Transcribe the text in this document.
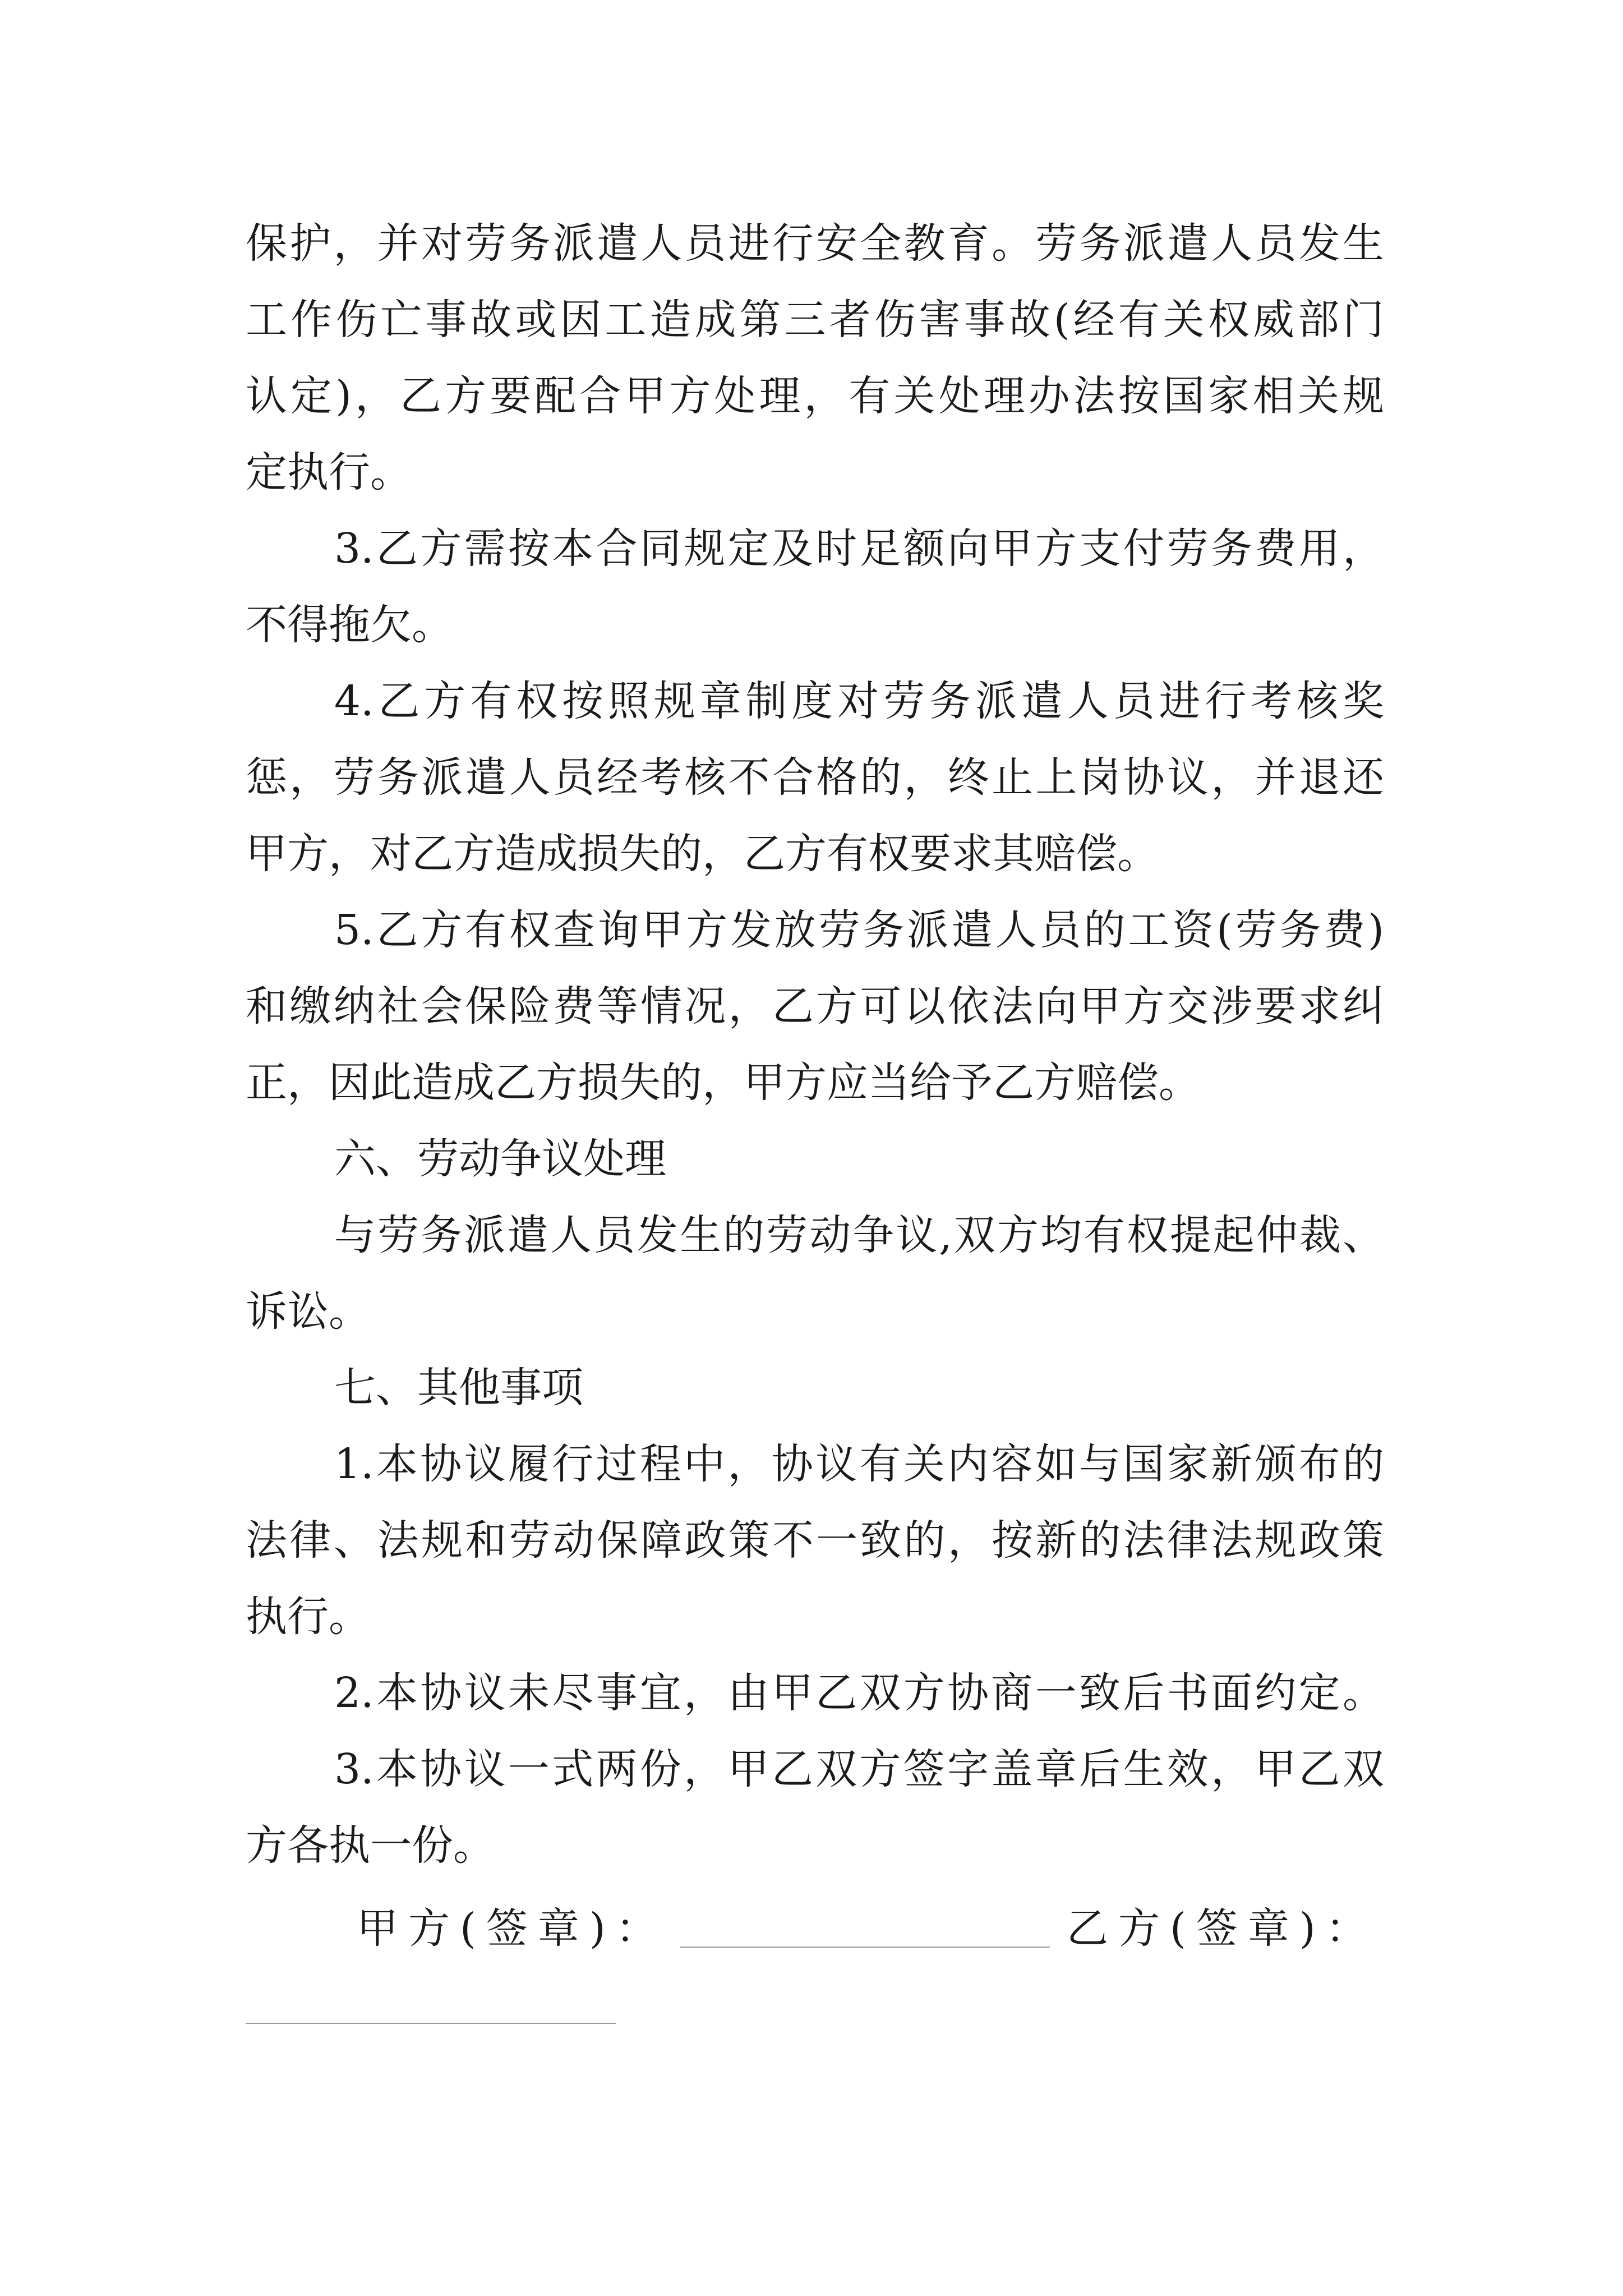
保护，并对劳务派遣人员进行安全教育。劳务派遣人员发生
工作伤亡事故或因工造成第三者伤害事故(经有关权威部门
认定)，乙方要配合甲方处理，有关处理办法按国家相关规
定执行。
3.乙方需按本合同规定及时足额向甲方支付劳务费用，
不得拖欠。
4.乙方有权按照规章制度对劳务派遣人员进行考核奖
惩，劳务派遣人员经考核不合格的，终止上岗协议，并退还
甲方，对乙方造成损失的，乙方有权要求其赔偿。
5.乙方有权查询甲方发放劳务派遣人员的工资(劳务费)
和缴纳社会保险费等情况，乙方可以依法向甲方交涉要求纠
正，因此造成乙方损失的，甲方应当给予乙方赔偿。
六、劳动争议处理
与劳务派遣人员发生的劳动争议,双方均有权提起仲裁、
诉讼。
七、其他事项
1.本协议履行过程中，协议有关内容如与国家新颁布的
法律、法规和劳动保障政策不一致的，按新的法律法规政策
执行。
2.本协议未尽事宜，由甲乙双方协商一致后书面约定。
3.本协议一式两份，甲乙双方签字盖章后生效，甲乙双
方各执一份。
甲方(签章)：	乙方(签章)：
